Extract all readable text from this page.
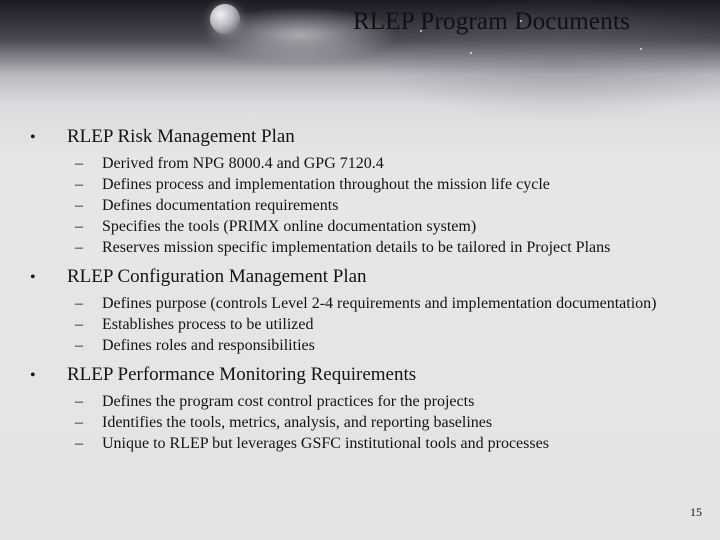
RLEP Program Documents
•	RLEP Risk Management Plan
–	Derived from NPG 8000.4 and GPG 7120.4
–	Defines process and implementation throughout the mission life cycle
–	Defines documentation requirements
–	Specifies the tools (PRIMX online documentation system)
–	Reserves mission specific implementation details to be tailored in Project Plans
•	RLEP Configuration Management Plan
–	Defines purpose (controls Level 2-4 requirements and implementation documentation)
–	Establishes process to be utilized
–	Defines roles and responsibilities
•	RLEP Performance Monitoring Requirements
–	Defines the program cost control practices for the projects
–	Identifies the tools, metrics, analysis, and reporting baselines
–	Unique to RLEP but leverages GSFC institutional tools and processes
15
